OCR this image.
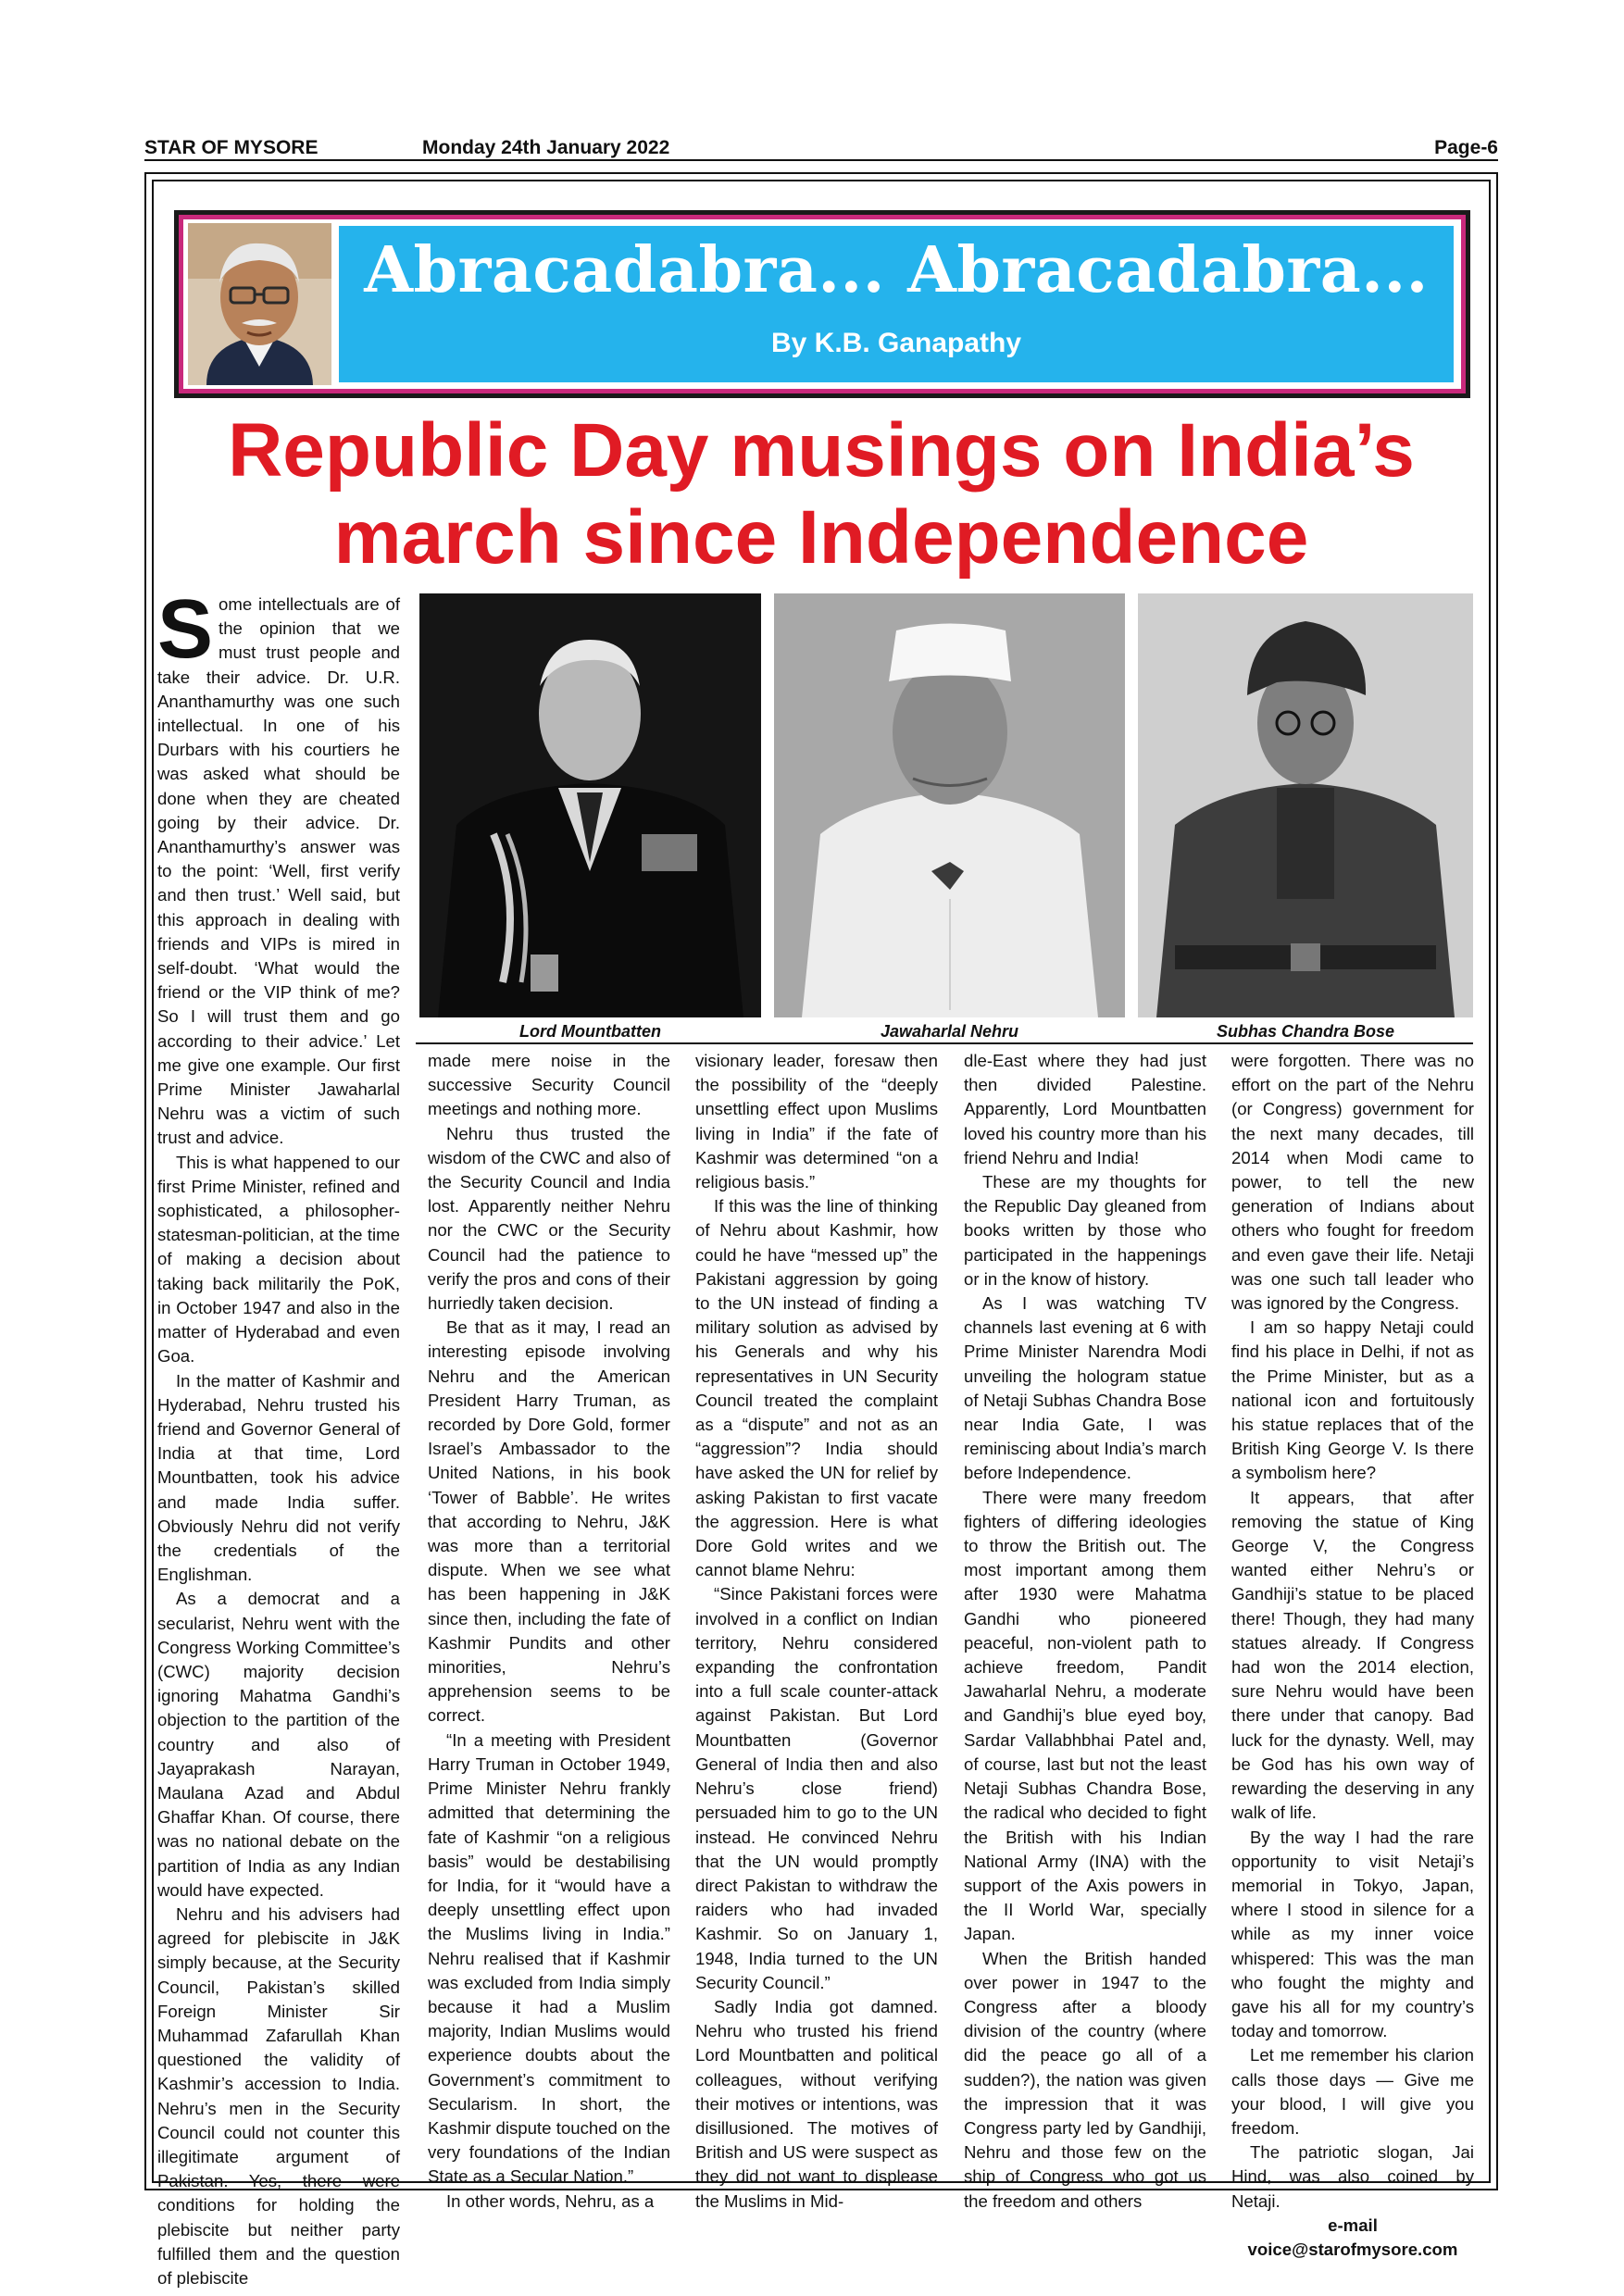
STAR OF MYSORE	Monday 24th January 2022	Page-6
Abracadabra... Abracadabra...
By K.B. Ganapathy
Republic Day musings on India’s
march since Independence
Lord Mountbatten	Jawaharlal Nehru	Subhas Chandra Bose

Some intellectuals are of the opinion that we must trust people and take their advice. Dr. U.R. Ananthamurthy was one such intellectual. In one of his Durbars with his courtiers he was asked what should be done when they are cheated going by their advice. Dr. Ananthamurthy’s answer was to the point: ‘Well, first verify and then trust.’ Well said, but this approach in dealing with friends and VIPs is mired in self-doubt. ‘What would the friend or the VIP think of me? So I will trust them and go according to their advice.’ Let me give one example. Our first Prime Minister Jawaharlal Nehru was a victim of such trust and advice.

This is what happened to our first Prime Minister, refined and sophisticated, a philosopher-statesman-politician, at the time of making a decision about taking back militarily the PoK, in October 1947 and also in the matter of Hyderabad and even Goa.

In the matter of Kashmir and Hyderabad, Nehru trusted his friend and Governor General of India at that time, Lord Mountbatten, took his advice and made India suffer. Obviously Nehru did not verify the credentials of the Englishman.

As a democrat and a secularist, Nehru went with the Congress Working Committee’s (CWC) majority decision ignoring Mahatma Gandhi’s objection to the partition of the country and also of Jayaprakash Narayan, Maulana Azad and Abdul Ghaffar Khan. Of course, there was no national debate on the partition of India as any Indian would have expected.

Nehru and his advisers had agreed for plebiscite in J&K simply because, at the Security Council, Pakistan’s skilled Foreign Minister Sir Muhammad Zafarullah Khan questioned the validity of Kashmir’s accession to India. Nehru’s men in the Security Council could not counter this illegitimate argument of Pakistan. Yes, there were conditions for holding the plebiscite but neither party fulfilled them and the question of plebiscite

made mere noise in the successive Security Council meetings and nothing more.

Nehru thus trusted the wisdom of the CWC and also of the Security Council and India lost. Apparently neither Nehru nor the CWC or the Security Council had the patience to verify the pros and cons of their hurriedly taken decision.

Be that as it may, I read an interesting episode involving Nehru and the American President Harry Truman, as recorded by Dore Gold, former Israel’s Ambassador to the United Nations, in his book ‘Tower of Babble’. He writes that according to Nehru, J&K was more than a territorial dispute. When we see what has been happening in J&K since then, including the fate of Kashmir Pundits and other minorities, Nehru’s apprehension seems to be correct.

“In a meeting with President Harry Truman in October 1949, Prime Minister Nehru frankly admitted that determining the fate of Kashmir “on a religious basis” would be destabilising for India, for it “would have a deeply unsettling effect upon the Muslims living in India.” Nehru realised that if Kashmir was excluded from India simply because it had a Muslim majority, Indian Muslims would experience doubts about the Government’s commitment to Secularism. In short, the Kashmir dispute touched on the very foundations of the Indian State as a Secular Nation.”

In other words, Nehru, as a

visionary leader, foresaw then the possibility of the “deeply unsettling effect upon Muslims living in India” if the fate of Kashmir was determined “on a religious basis.”

If this was the line of thinking of Nehru about Kashmir, how could he have “messed up” the Pakistani aggression by going to the UN instead of finding a military solution as advised by his Generals and why his representatives in UN Security Council treated the complaint as a “dispute” and not as an “aggression”? India should have asked the UN for relief by asking Pakistan to first vacate the aggression. Here is what Dore Gold writes and we cannot blame Nehru:

“Since Pakistani forces were involved in a conflict on Indian territory, Nehru considered expanding the confrontation into a full scale counter-attack against Pakistan. But Lord Mountbatten (Governor General of India then and also Nehru’s close friend) persuaded him to go to the UN instead. He convinced Nehru that the UN would promptly direct Pakistan to withdraw the raiders who had invaded Kashmir. So on January 1, 1948, India turned to the UN Security Council.”

Sadly India got damned. Nehru who trusted his friend Lord Mountbatten and political colleagues, without verifying their motives or intentions, was disillusioned. The motives of British and US were suspect as they did not want to displease the Muslims in Mid-

dle-East where they had just then divided Palestine. Apparently, Lord Mountbatten loved his country more than his friend Nehru and India!

These are my thoughts for the Republic Day gleaned from books written by those who participated in the happenings or in the know of history.

As I was watching TV channels last evening at 6 with Prime Minister Narendra Modi unveiling the hologram statue of Netaji Subhas Chandra Bose near India Gate, I was reminiscing about India’s march before Independence.

There were many freedom fighters of differing ideologies to throw the British out. The most important among them after 1930 were Mahatma Gandhi who pioneered peaceful, non-violent path to achieve freedom, Pandit Jawaharlal Nehru, a moderate and Gandhij’s blue eyed boy, Sardar Vallabhbhai Patel and, of course, last but not the least Netaji Subhas Chandra Bose, the radical who decided to fight the British with his Indian National Army (INA) with the support of the Axis powers in the II World War, specially Japan.

When the British handed over power in 1947 to the Congress after a bloody division of the country (where did the peace go all of a sudden?), the nation was given the impression that it was Congress party led by Gandhiji, Nehru and those few on the ship of Congress who got us the freedom and others

were forgotten. There was no effort on the part of the Nehru (or Congress) government for the next many decades, till 2014 when Modi came to power, to tell the new generation of Indians about others who fought for freedom and even gave their life. Netaji was one such tall leader who was ignored by the Congress.

I am so happy Netaji could find his place in Delhi, if not as the Prime Minister, but as a national icon and fortuitously his statue replaces that of the British King George V. Is there a symbolism here?

It appears, that after removing the statue of King George V, the Congress wanted either Nehru’s or Gandhiji’s statue to be placed there! Though, they had many statues already. If Congress had won the 2014 election, sure Nehru would have been there under that canopy. Bad luck for the dynasty. Well, may be God has his own way of rewarding the deserving in any walk of life.

By the way I had the rare opportunity to visit Netaji’s memorial in Tokyo, Japan, where I stood in silence for a while as my inner voice whispered: This was the man who fought the mighty and gave his all for my country’s today and tomorrow.

Let me remember his clarion calls those days — Give me your blood, I will give you freedom.

The patriotic slogan, Jai Hind, was also coined by Netaji.

e-mail

voice@starofmysore.com
